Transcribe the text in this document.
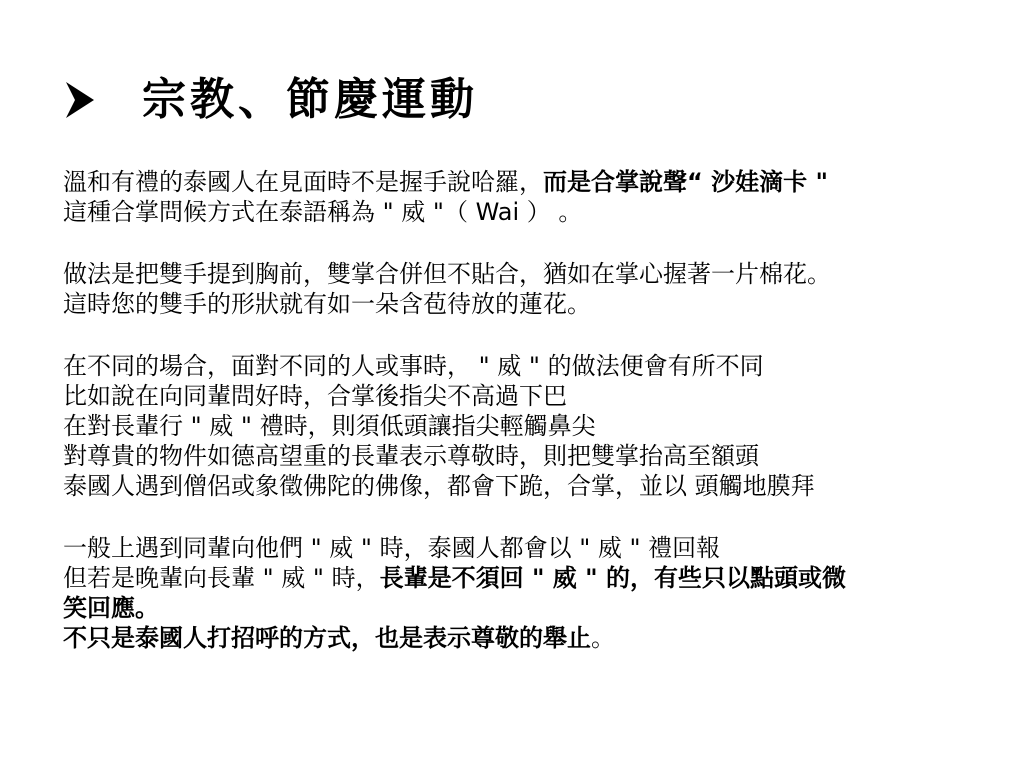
宗教、節慶運動
溫和有禮的泰國人在見面時不是握手說哈羅，而是合掌說聲“ 沙娃滴卡 "
這種合掌問候方式在泰語稱為 " 威 "（ Wai ） 。
做法是把雙手提到胸前，雙掌合併但不貼合，猶如在掌心握著一片棉花。
這時您的雙手的形狀就有如一朵含苞待放的蓮花。
在不同的場合，面對不同的人或事時， " 威 " 的做法便會有所不同
比如說在向同輩問好時，合掌後指尖不高過下巴
在對長輩行 " 威 " 禮時，則須低頭讓指尖輕觸鼻尖
對尊貴的物件如德高望重的長輩表示尊敬時，則把雙掌抬高至額頭
泰國人遇到僧侶或象徵佛陀的佛像，都會下跪，合掌，並以 頭觸地膜拜
一般上遇到同輩向他們 " 威 " 時，泰國人都會以 " 威 " 禮回報
但若是晚輩向長輩 " 威 " 時，長輩是不須回 " 威 " 的，有些只以點頭或微
笑回應。
不只是泰國人打招呼的方式，也是表示尊敬的舉止。
